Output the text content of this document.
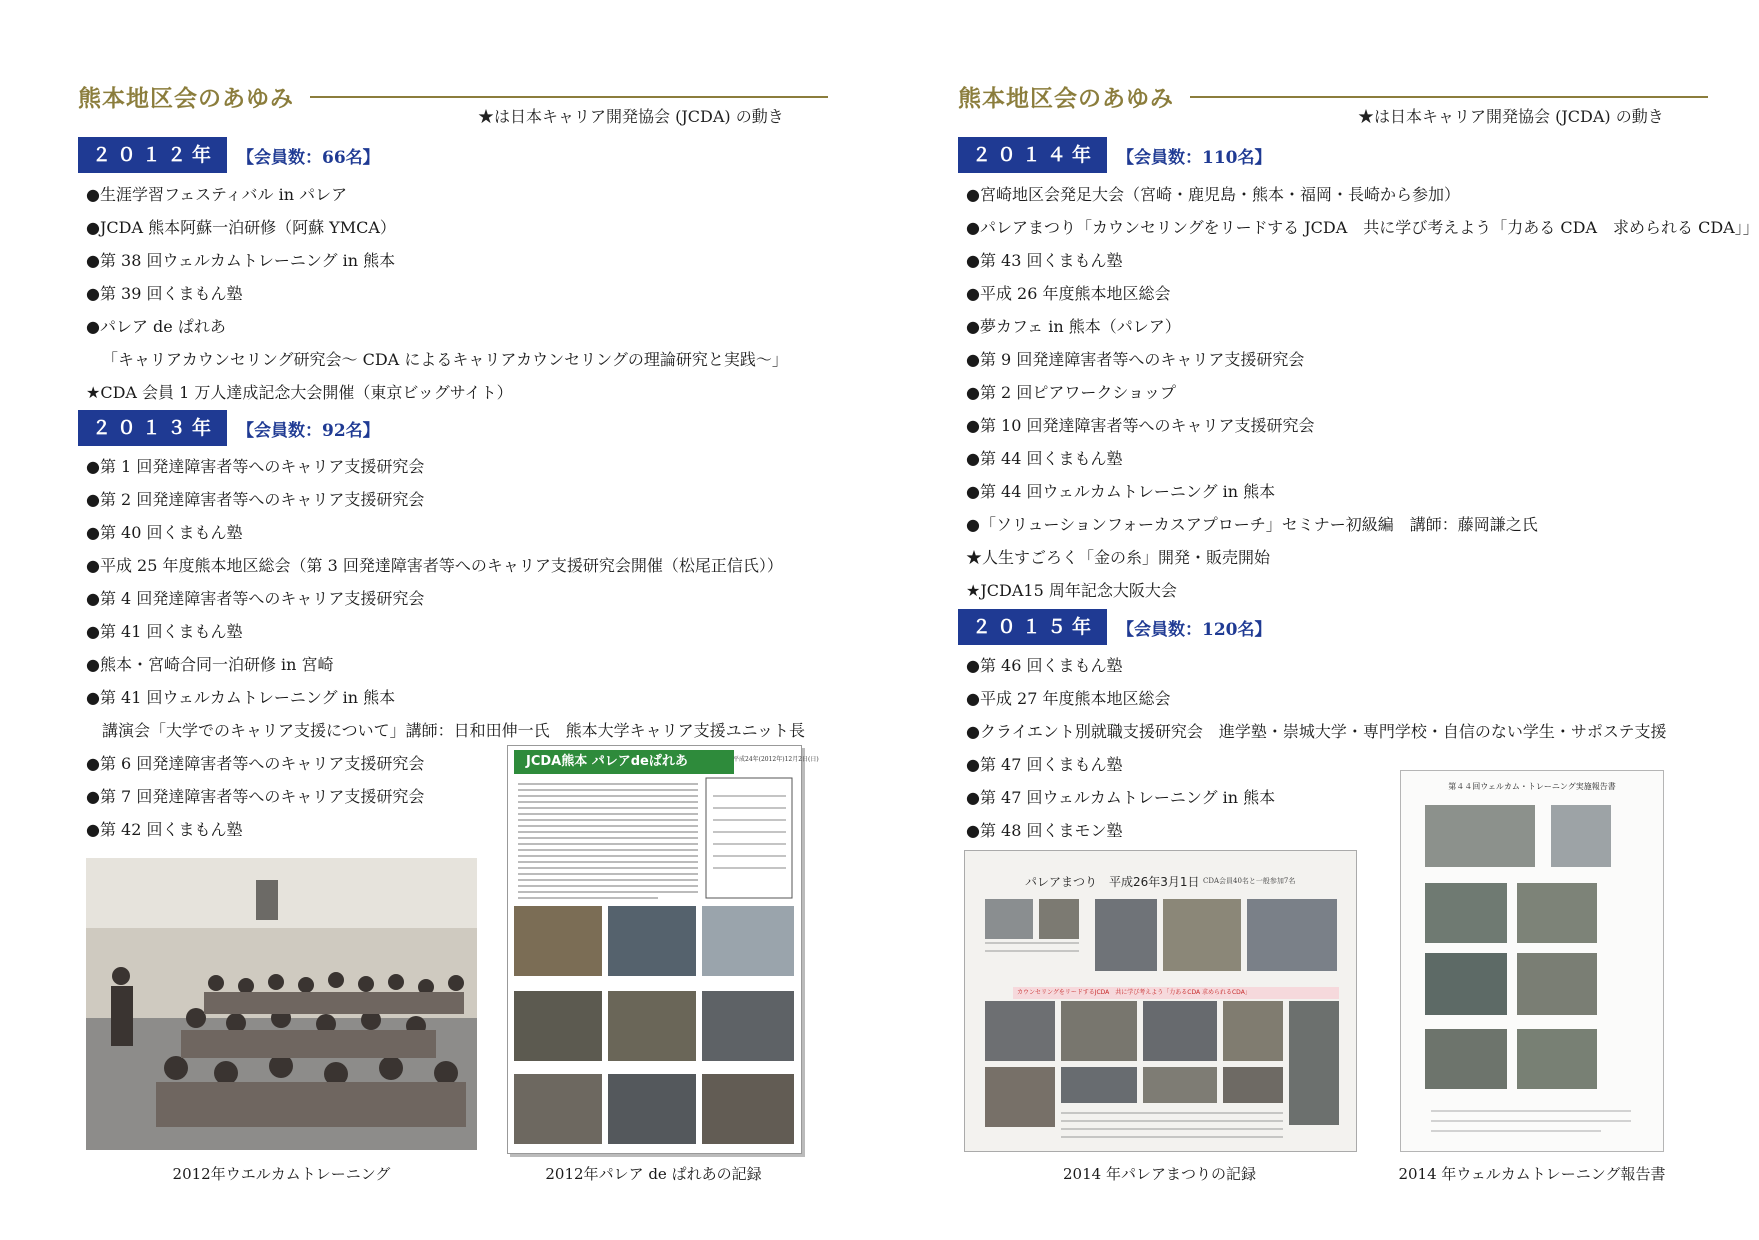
熊本地区会のあゆみ
★は日本キャリア開発協会 (JCDA) の動き
２０１２年	【会員数：66名】
●生涯学習フェスティバル in パレア
●JCDA 熊本阿蘇一泊研修（阿蘇 YMCA）
●第 38 回ウェルカムトレーニング in 熊本
●第 39 回くまもん塾
●パレア de ぱれあ
「キャリアカウンセリング研究会～ CDA によるキャリアカウンセリングの理論研究と実践～」
★CDA 会員 1 万人達成記念大会開催（東京ビッグサイト）
２０１３年	【会員数：92名】
●第 1 回発達障害者等へのキャリア支援研究会
●第 2 回発達障害者等へのキャリア支援研究会
●第 40 回くまもん塾
●平成 25 年度熊本地区総会（第 3 回発達障害者等へのキャリア支援研究会開催（松尾正信氏））
●第 4 回発達障害者等へのキャリア支援研究会
●第 41 回くまもん塾
●熊本・宮崎合同一泊研修 in 宮崎
●第 41 回ウェルカムトレーニング in 熊本
講演会「大学でのキャリア支援について」講師：日和田伸一氏　熊本大学キャリア支援ユニット長
●第 6 回発達障害者等へのキャリア支援研究会
●第 7 回発達障害者等へのキャリア支援研究会
●第 42 回くまもん塾
2012年ウエルカムトレーニング
JCDA熊本 パレアdeぱれあ	平成24年(2012年)12月2日(日)
2012年パレア de ぱれあの記録
熊本地区会のあゆみ
★は日本キャリア開発協会 (JCDA) の動き
２０１４年	【会員数：110名】
●宮崎地区会発足大会（宮崎・鹿児島・熊本・福岡・長崎から参加）
●パレアまつり「カウンセリングをリードする JCDA　共に学び考えよう「力ある CDA　求められる CDA」」
●第 43 回くまもん塾
●平成 26 年度熊本地区総会
●夢カフェ in 熊本（パレア）
●第 9 回発達障害者等へのキャリア支援研究会
●第 2 回ピアワークショップ
●第 10 回発達障害者等へのキャリア支援研究会
●第 44 回くまもん塾
●第 44 回ウェルカムトレーニング in 熊本
●「ソリューションフォーカスアプローチ」セミナー初級編　講師：藤岡謙之氏
★人生すごろく「金の糸」開発・販売開始
★JCDA15 周年記念大阪大会
２０１５年	【会員数：120名】
●第 46 回くまもん塾
●平成 27 年度熊本地区総会
●クライエント別就職支援研究会　進学塾・崇城大学・専門学校・自信のない学生・サポステ支援
●第 47 回くまもん塾
●第 47 回ウェルカムトレーニング in 熊本
●第 48 回くまモン塾
パレアまつり　平成26年3月1日 CDA会員40名と一般参加7名
カウンセリングをリードするJCDA　共に学び考えよう「力あるCDA 求められるCDA」
2014 年パレアまつりの記録
第４４回ウェルカム・トレーニング実施報告書
2014 年ウェルカムトレーニング報告書
